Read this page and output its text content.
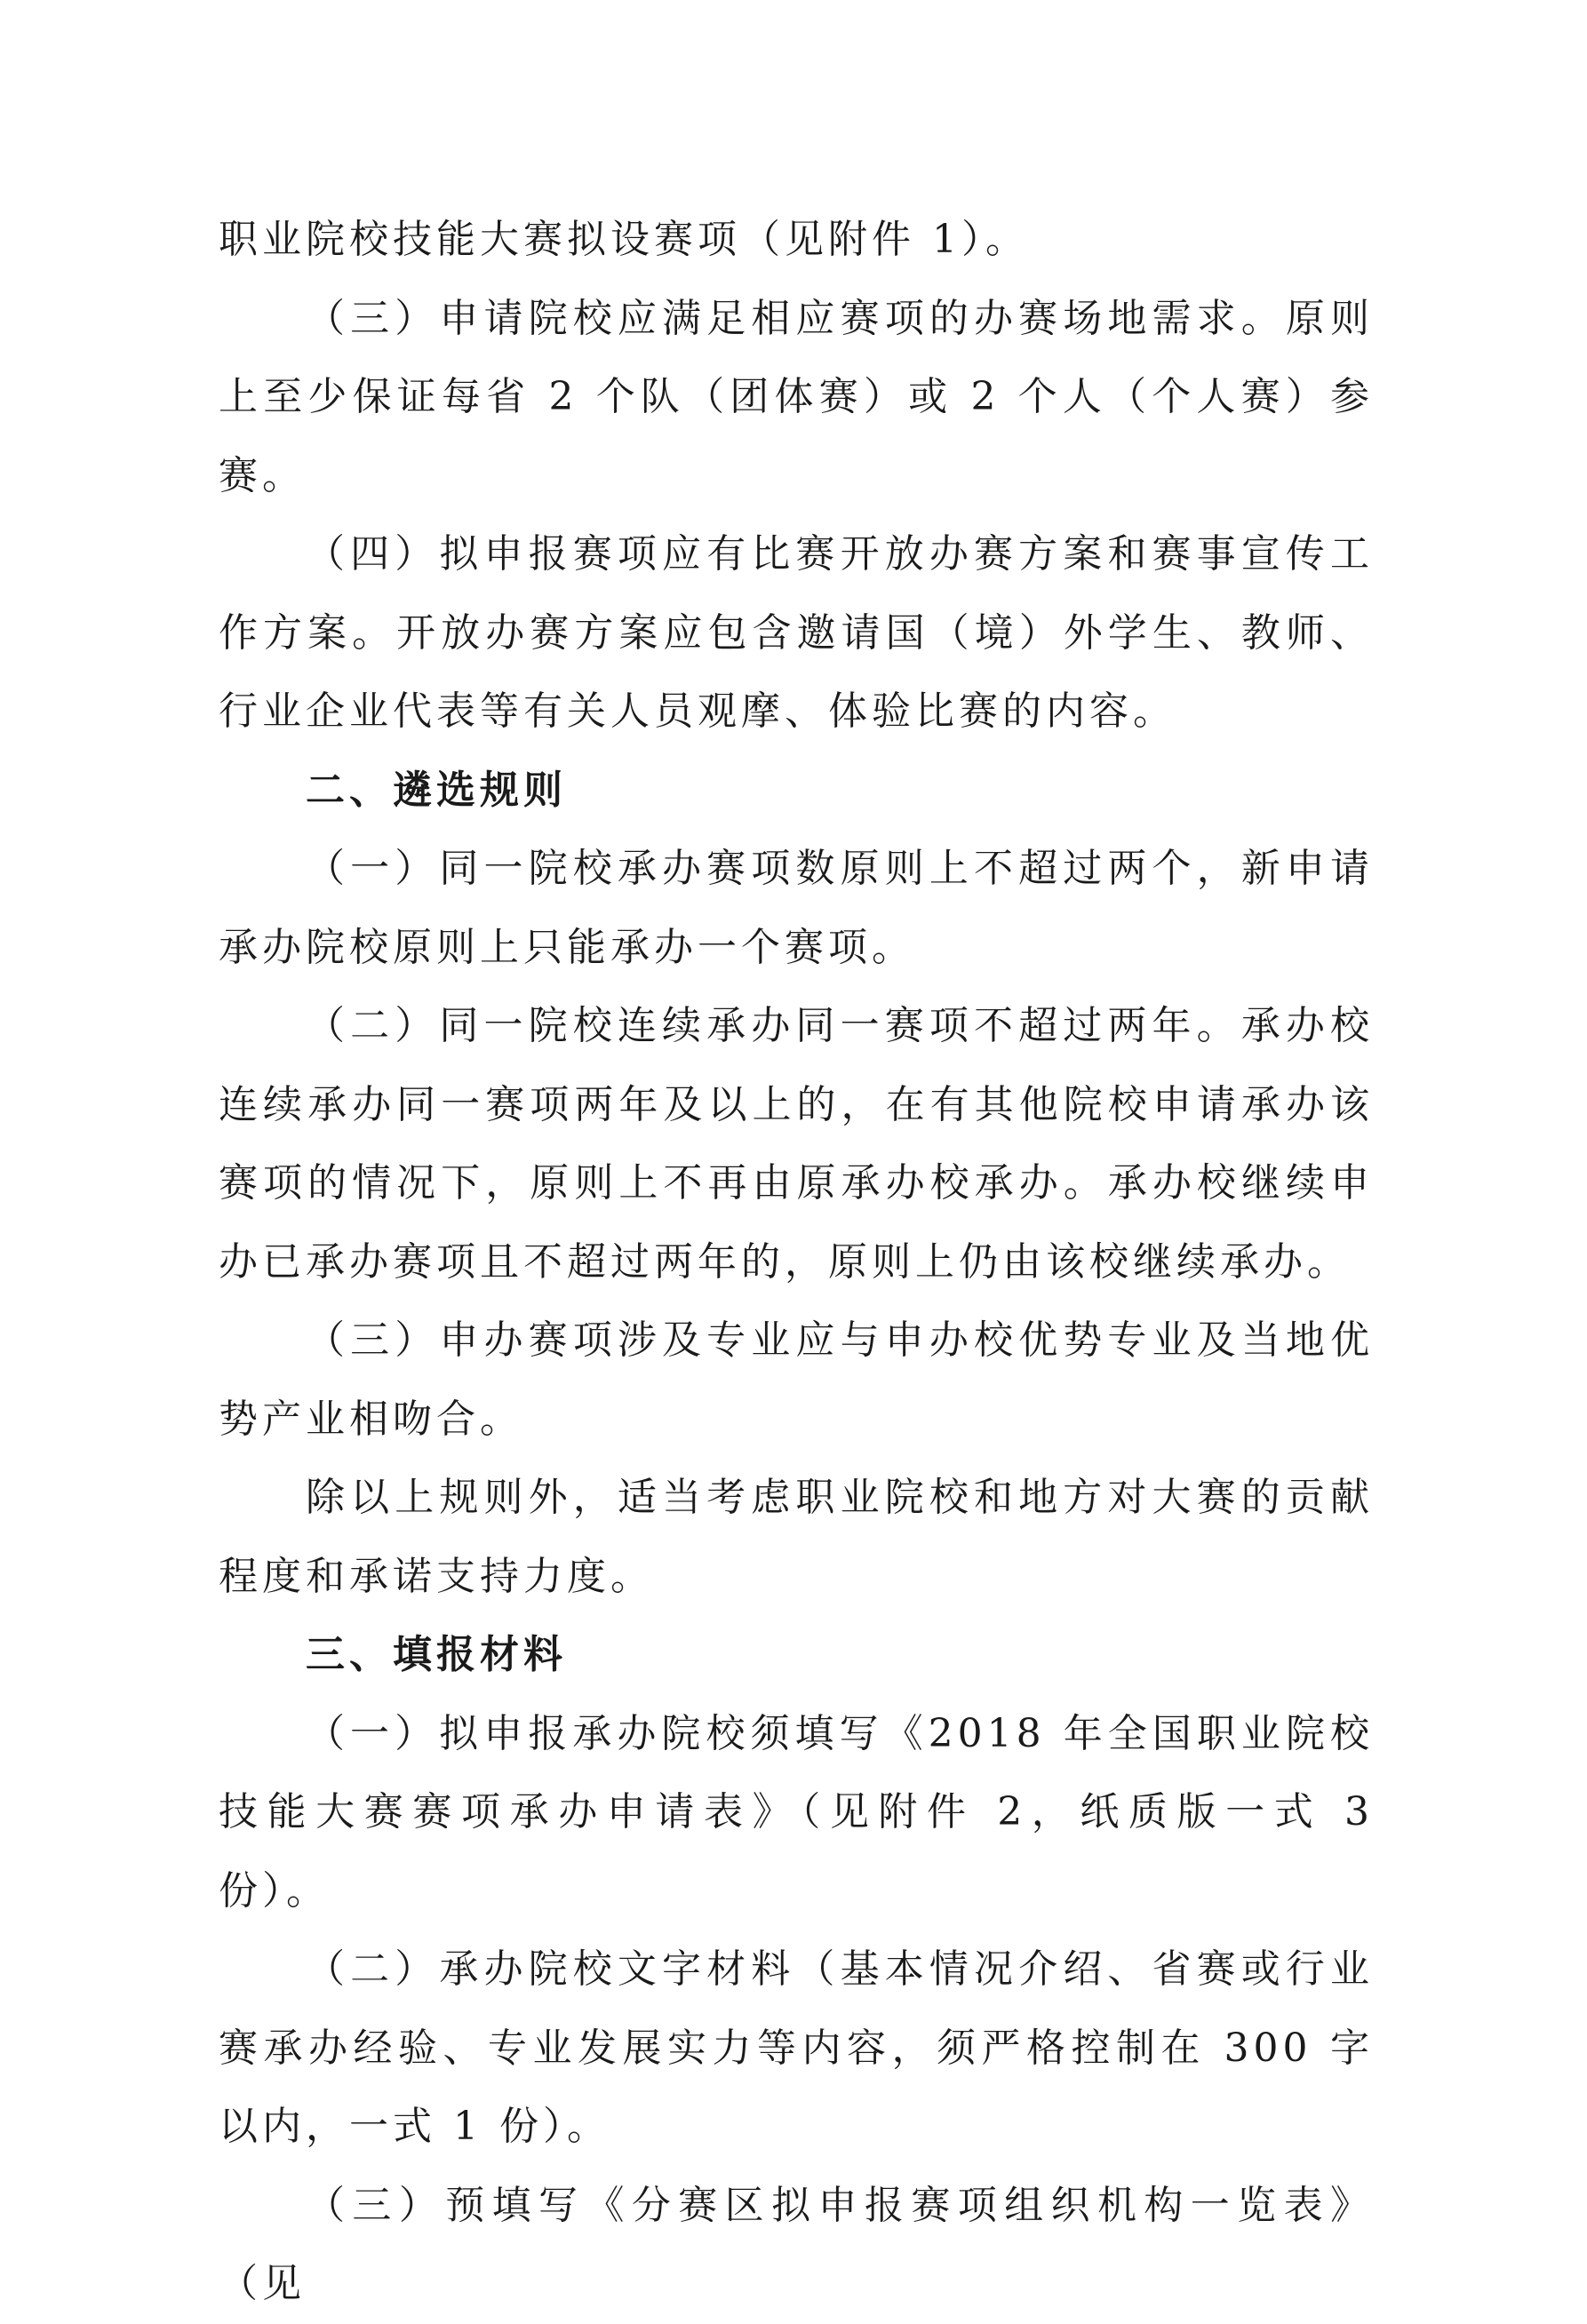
职业院校技能大赛拟设赛项（见附件 1）。

（三）申请院校应满足相应赛项的办赛场地需求。原则上至少保证每省 2 个队（团体赛）或 2 个人（个人赛）参赛。

（四）拟申报赛项应有比赛开放办赛方案和赛事宣传工作方案。开放办赛方案应包含邀请国（境）外学生、教师、行业企业代表等有关人员观摩、体验比赛的内容。

二、遴选规则

（一）同一院校承办赛项数原则上不超过两个，新申请承办院校原则上只能承办一个赛项。

（二）同一院校连续承办同一赛项不超过两年。承办校连续承办同一赛项两年及以上的，在有其他院校申请承办该赛项的情况下，原则上不再由原承办校承办。承办校继续申办已承办赛项且不超过两年的，原则上仍由该校继续承办。

（三）申办赛项涉及专业应与申办校优势专业及当地优势产业相吻合。

除以上规则外，适当考虑职业院校和地方对大赛的贡献程度和承诺支持力度。

三、填报材料

（一）拟申报承办院校须填写《2018 年全国职业院校技能大赛赛项承办申请表》（见附件 2，纸质版一式 3 份）。

（二）承办院校文字材料（基本情况介绍、省赛或行业赛承办经验、专业发展实力等内容，须严格控制在 300 字以内，一式 1 份）。

（三）预填写《分赛区拟申报赛项组织机构一览表》（见
